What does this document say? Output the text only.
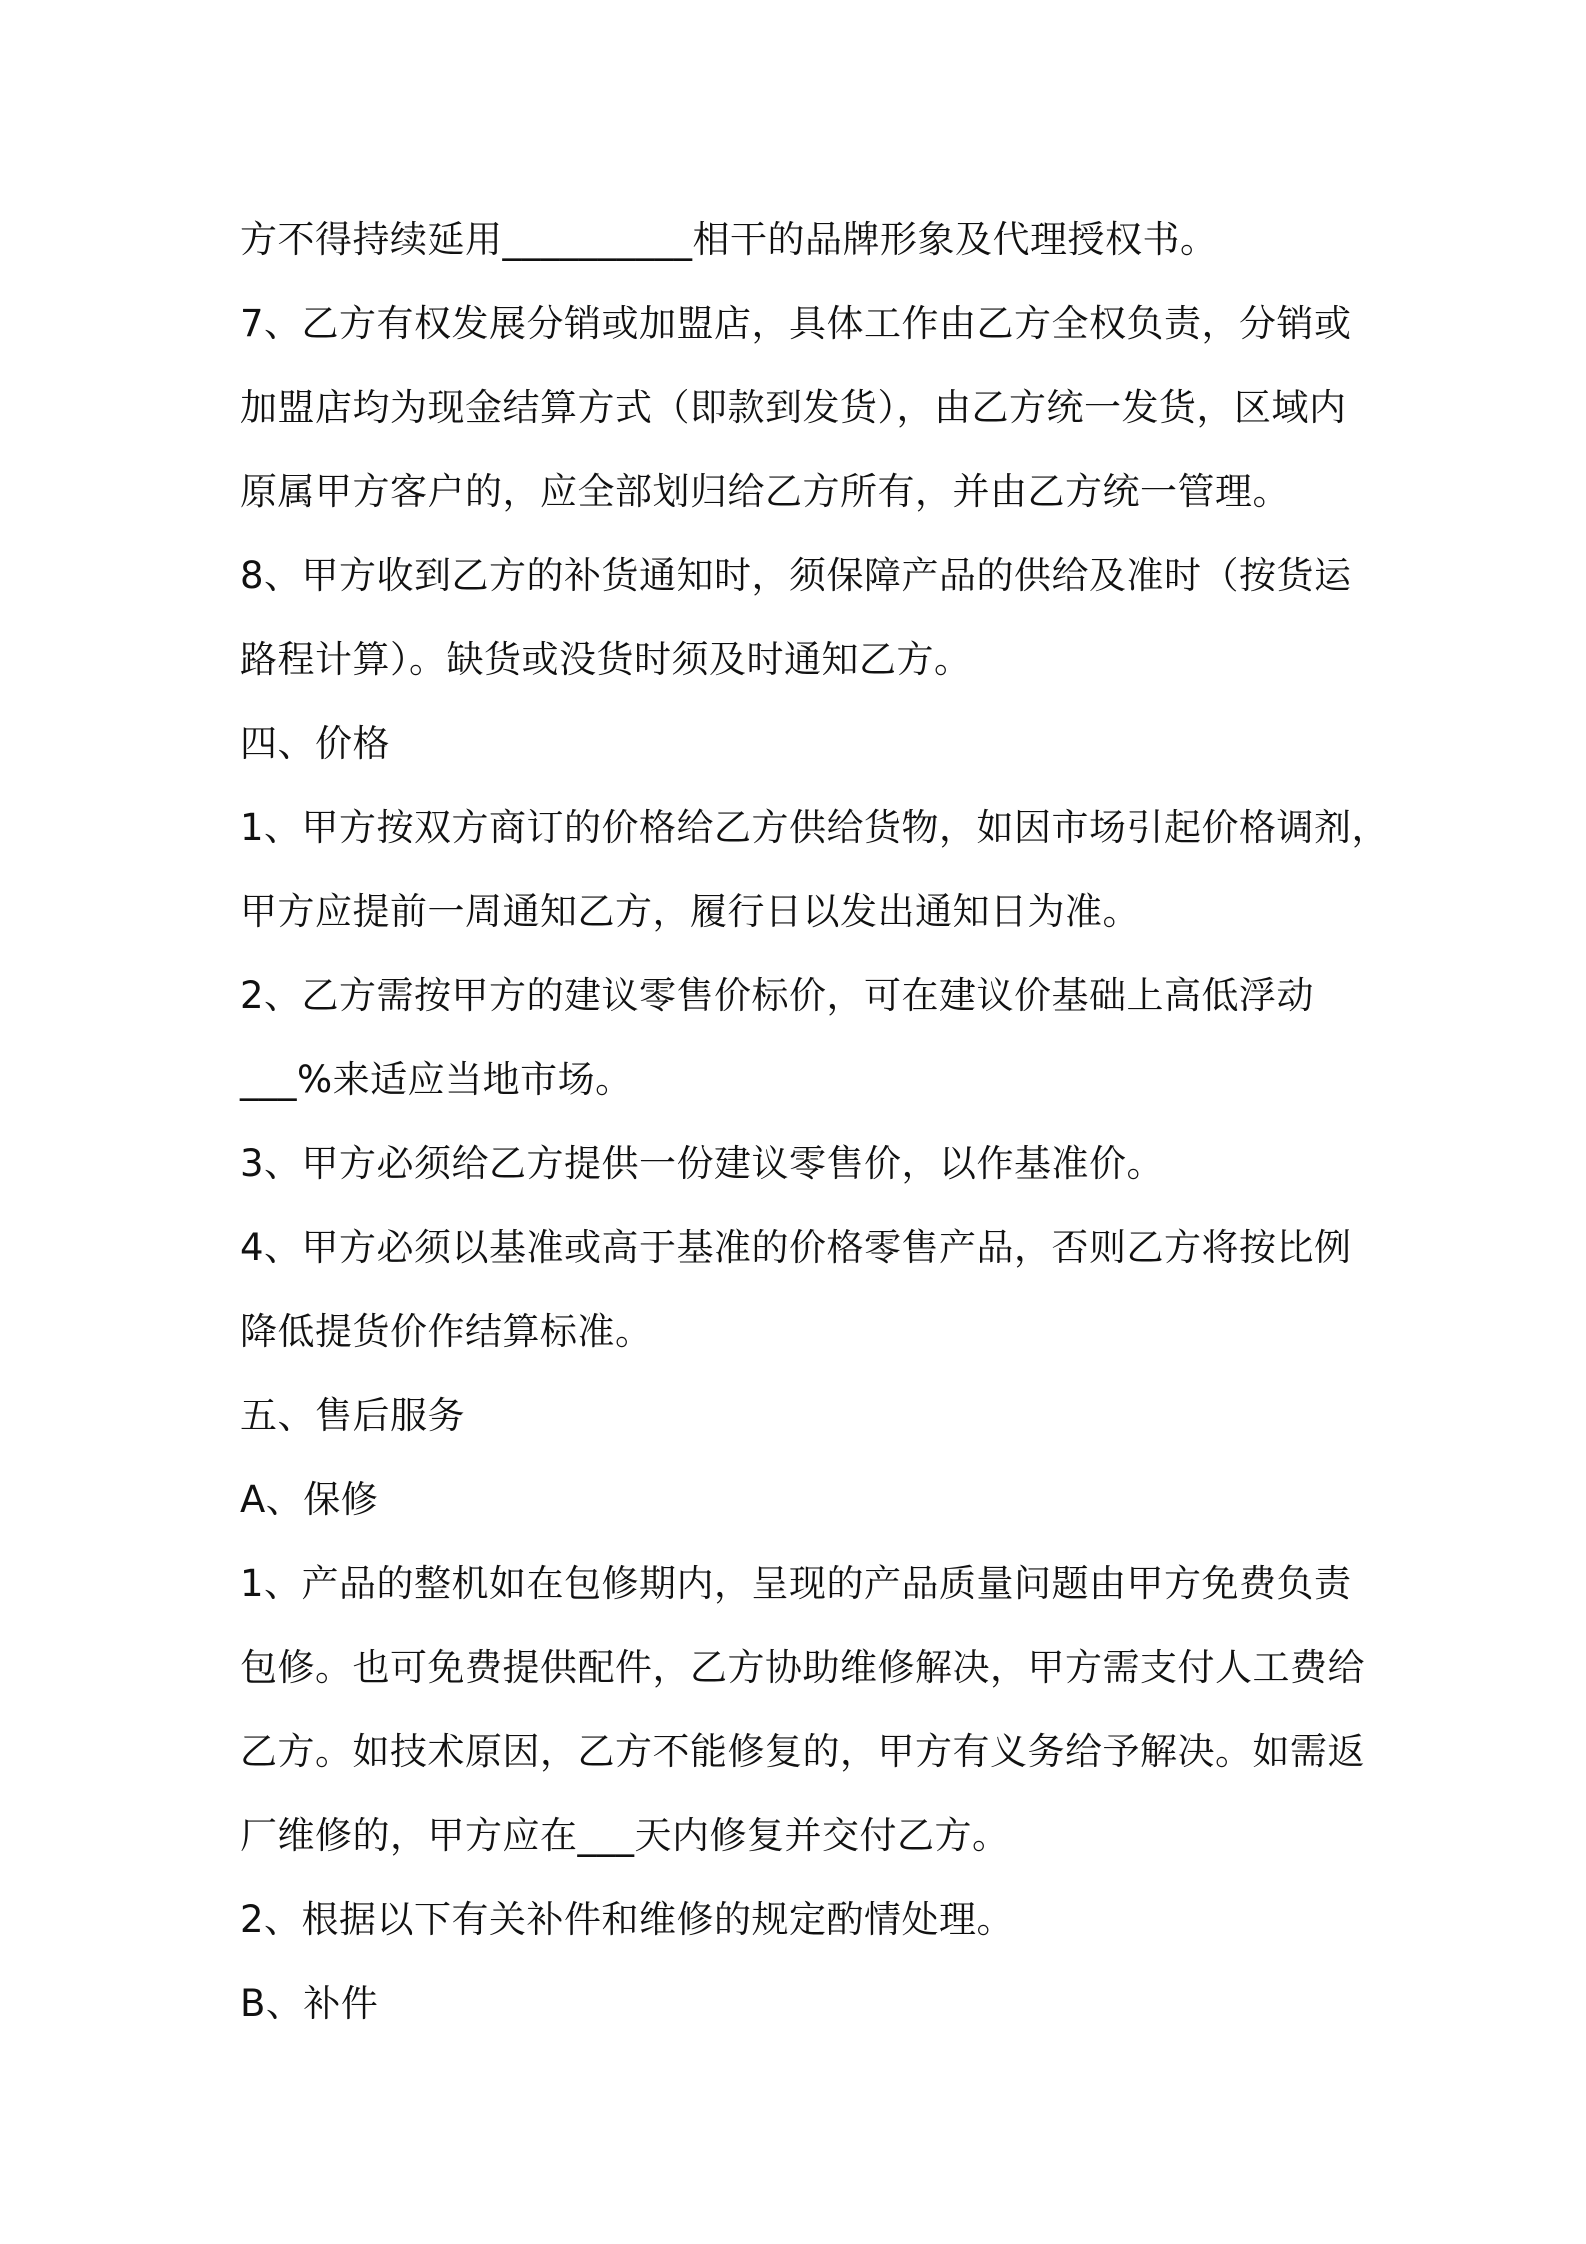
方不得持续延用__________相干的品牌形象及代理授权书。
7、乙方有权发展分销或加盟店，具体工作由乙方全权负责，分销或
加盟店均为现金结算方式（即款到发货），由乙方统一发货，区域内
原属甲方客户的，应全部划归给乙方所有，并由乙方统一管理。
8、甲方收到乙方的补货通知时，须保障产品的供给及准时（按货运
路程计算）。缺货或没货时须及时通知乙方。
四、价格
1、甲方按双方商订的价格给乙方供给货物，如因市场引起价格调剂，
甲方应提前一周通知乙方，履行日以发出通知日为准。
2、乙方需按甲方的建议零售价标价，可在建议价基础上高低浮动
___%来适应当地市场。
3、甲方必须给乙方提供一份建议零售价，以作基准价。
4、甲方必须以基准或高于基准的价格零售产品，否则乙方将按比例
降低提货价作结算标准。
五、售后服务
A、保修
1、产品的整机如在包修期内，呈现的产品质量问题由甲方免费负责
包修。也可免费提供配件，乙方协助维修解决，甲方需支付人工费给
乙方。如技术原因，乙方不能修复的，甲方有义务给予解决。如需返
厂维修的，甲方应在___天内修复并交付乙方。
2、根据以下有关补件和维修的规定酌情处理。
B、补件
